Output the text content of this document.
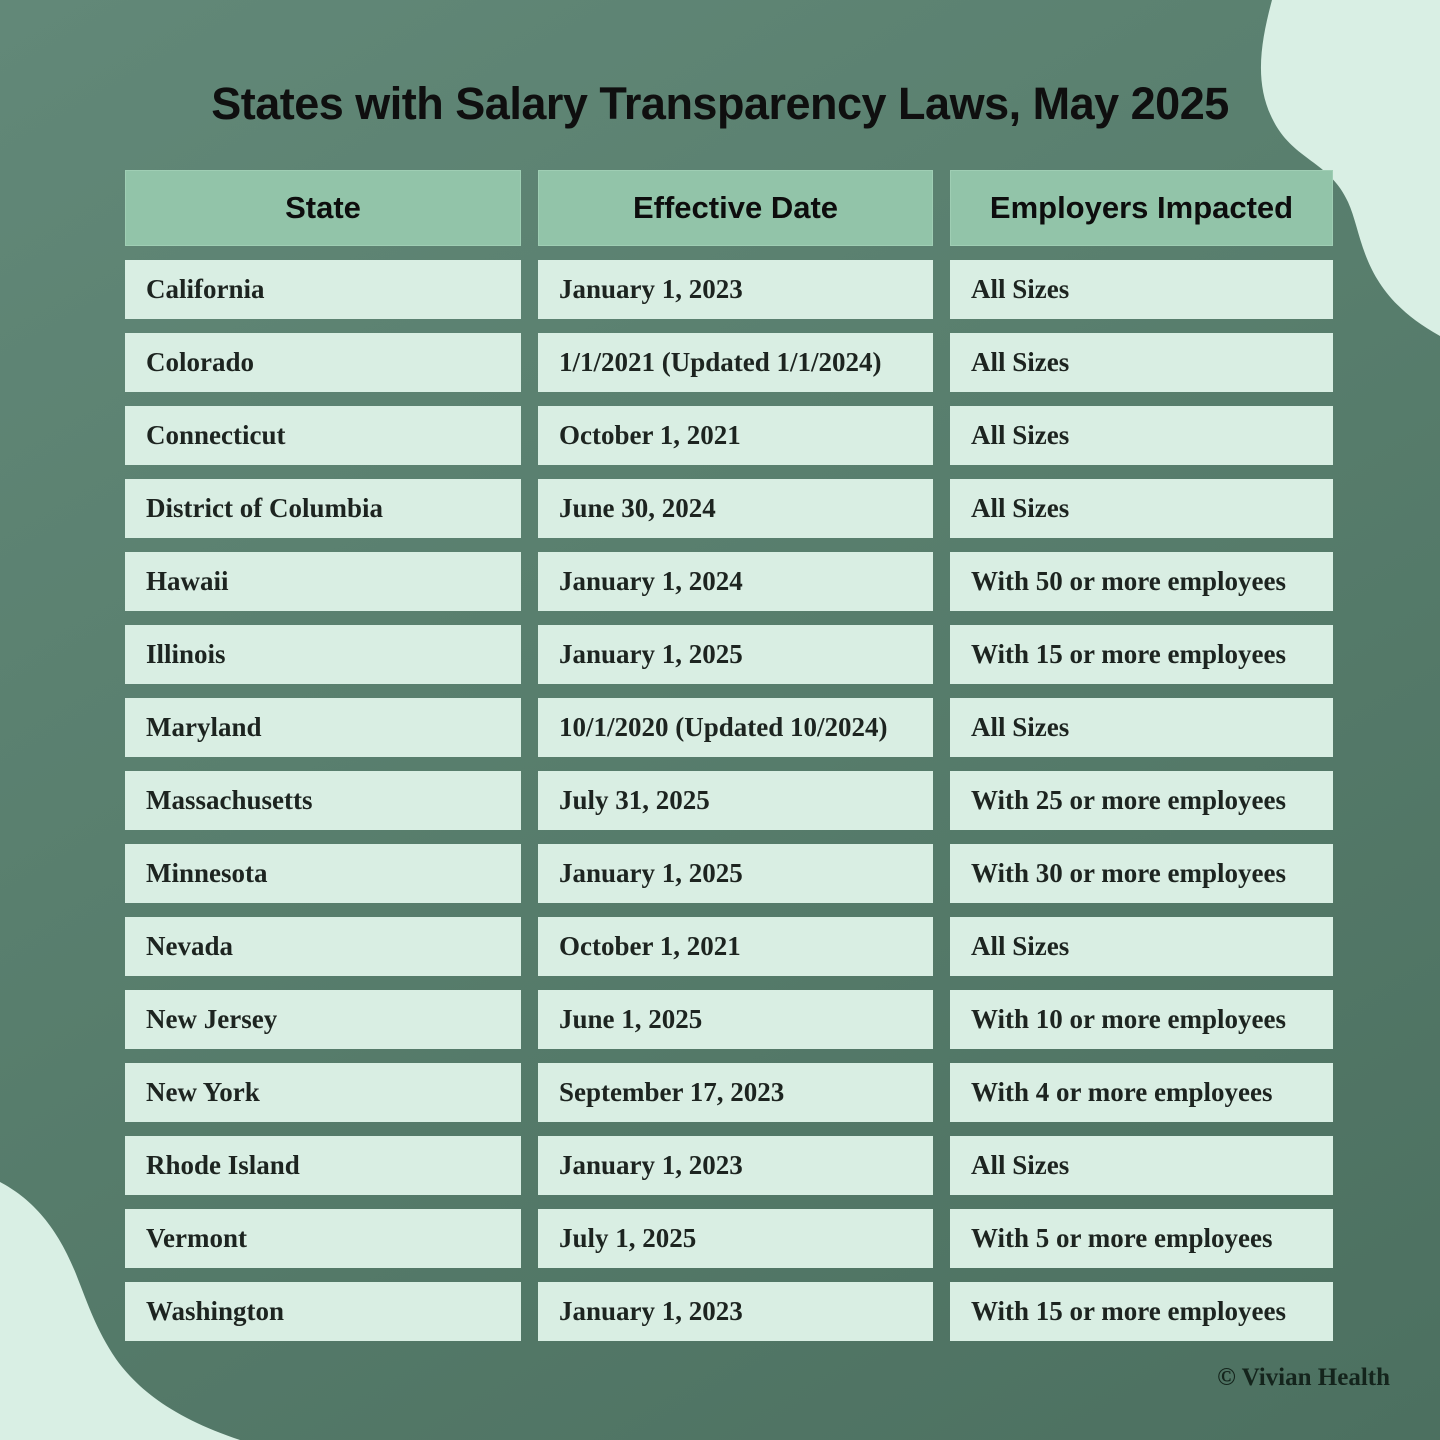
States with Salary Transparency Laws, May 2025
State	Effective Date	Employers Impacted
California	January 1, 2023	All Sizes
Colorado	1/1/2021 (Updated 1/1/2024)	All Sizes
Connecticut	October 1, 2021	All Sizes
District of Columbia	June 30, 2024	All Sizes
Hawaii	January 1, 2024	With 50 or more employees
Illinois	January 1, 2025	With 15 or more employees
Maryland	10/1/2020 (Updated 10/2024)	All Sizes
Massachusetts	July 31, 2025	With 25 or more employees
Minnesota	January 1, 2025	With 30 or more employees
Nevada	October 1, 2021	All Sizes
New Jersey	June 1, 2025	With 10 or more employees
New York	September 17, 2023	With 4 or more employees
Rhode Island	January 1, 2023	All Sizes
Vermont	July 1, 2025	With 5 or more employees
Washington	January 1, 2023	With 15 or more employees
© Vivian Health
